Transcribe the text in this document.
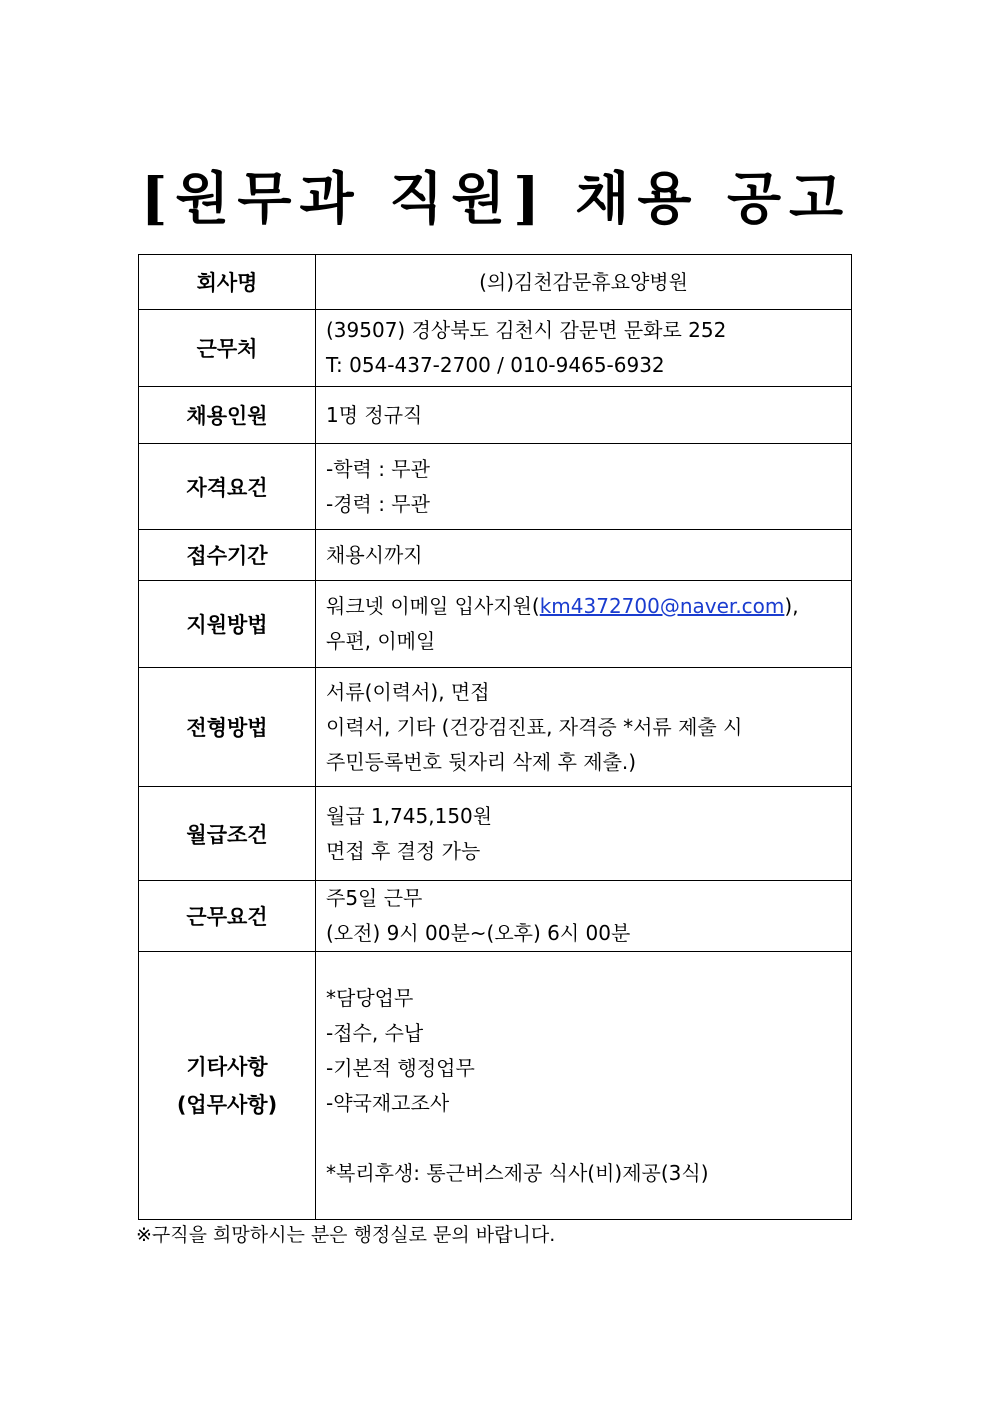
[원무과 직원] 채용 공고
회사명	(의)김천감문휴요양병원
근무처	(39507) 경상북도 김천시 감문면 문화로 252
T: 054-437-2700 / 010-9465-6932

채용인원	1명 정규직
자격요건	-학력 : 무관
-경력 : 무관

접수기간	채용시까지
지원방법	워크넷 이메일 입사지원(km4372700@naver.com),
우편, 이메일

전형방법	서류(이력서), 면접
이력서, 기타 (건강검진표, 자격증 *서류 제출 시
주민등록번호 뒷자리 삭제 후 제출.)

월급조건	월급 1,745,150원
면접 후 결정 가능

근무요건	주5일 근무
(오전) 9시 00분~(오후) 6시 00분

기타사항
(업무사항)	*담당업무
-접수, 수납
-기본적 행정업무
-약국재고조사
*복리후생: 통근버스제공 식사(비)제공(3식)
※구직을 희망하시는 분은 행정실로 문의 바랍니다.
